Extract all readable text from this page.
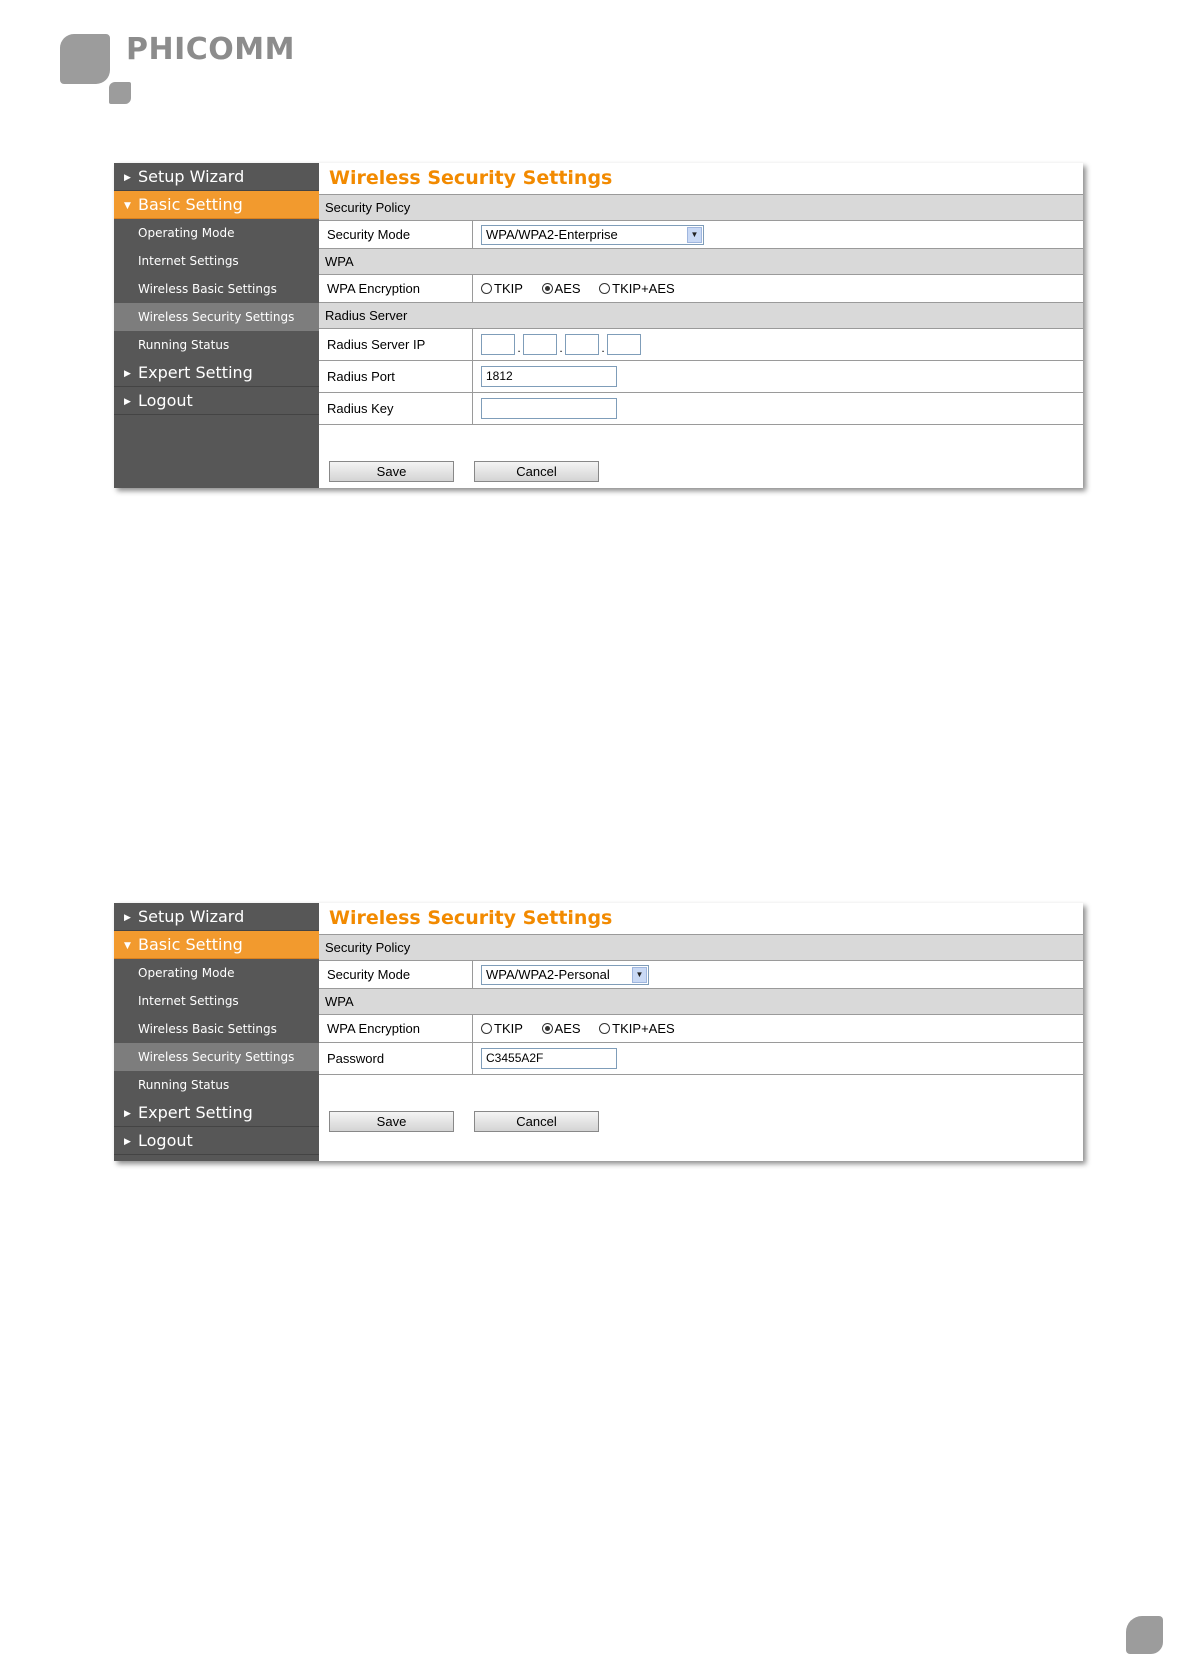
PHICOMM
▶ Setup Wizard
▼ Basic Setting
Operating Mode
Internet Settings
Wireless Basic Settings
Wireless Security Settings
Running Status
▶ Expert Setting
▶ Logout
Wireless Security Settings
Security Policy	
Security Mode	WPA/WPA2-Enterprise ▼

WPA	
WPA Encryption	TKIP AES TKIP+AES
Radius Server	
Radius Server IP	. . .
Radius Port	1812
Radius Key	
Save	Cancel
▶ Setup Wizard
▼ Basic Setting
Operating Mode
Internet Settings
Wireless Basic Settings
Wireless Security Settings
Running Status
▶ Expert Setting
▶ Logout
Wireless Security Settings
Security Policy	
Security Mode	WPA/WPA2-Personal ▼

WPA	
WPA Encryption	TKIP AES TKIP+AES
Password	C3455A2F
Save	Cancel
